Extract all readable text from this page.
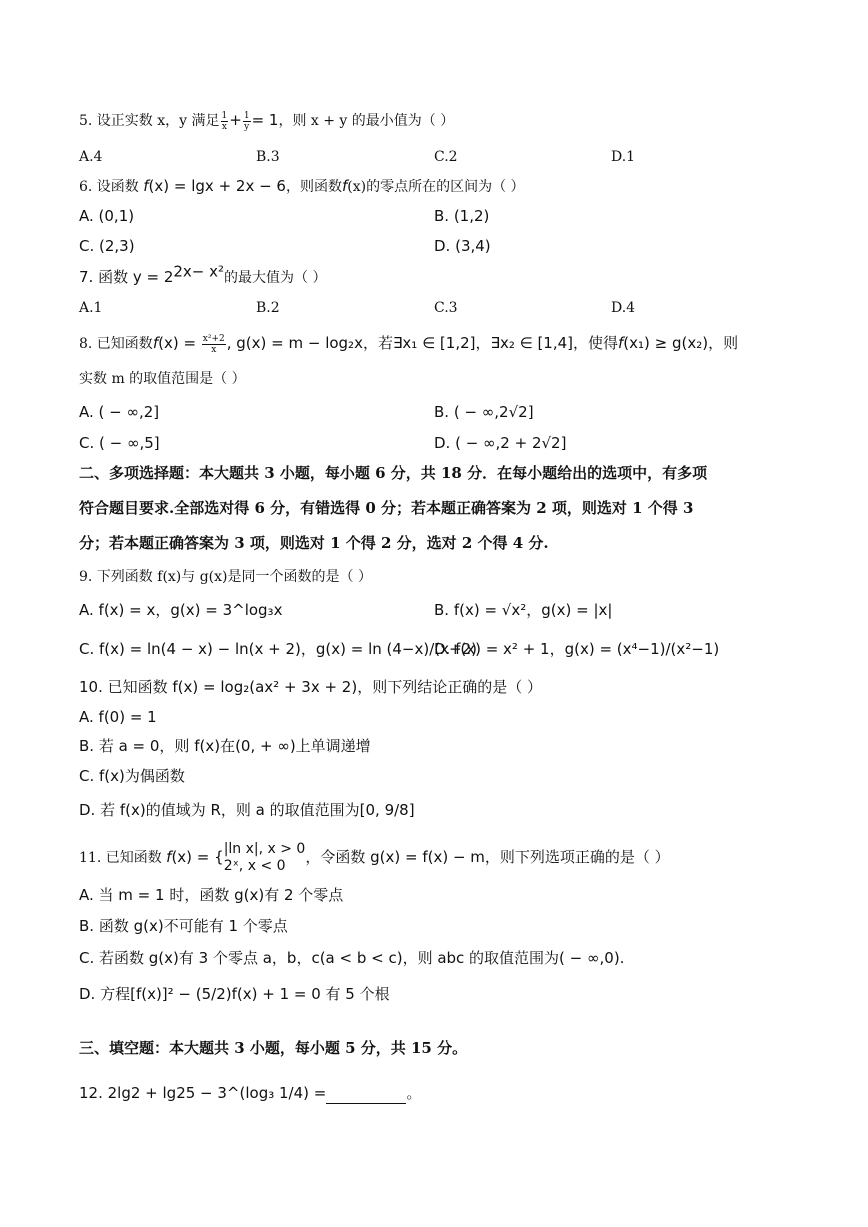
5. 设正实数 x，y 满足 $\frac{1}{x} + \frac{1}{y} = 1$，则 x + y 的最小值为（ ）
A.4	B.3	C.2	D.1
6. 设函数 f(x) = lgx + 2x − 6，则函数f(x)的零点所在的区间为（ ）
A. (0,1)	B. (1,2)
C. (2,3)	D. (3,4)
7. 函数 $y = 2^{2x- x^2}$的最大值为（ ）
A.1	B.2	C.3	D.4
8. 已知函数$f(x) = \frac{\text{x²+2}}{x}$ , g(x) = m − log₂x，若∃x₁ ∈ [1,2]，∃x₂ ∈ [1,4]，使得f(x₁) ≥ g(x₂)，则
实数 m 的取值范围是（ ）
A. ( − ∞,2]	B. ( − ∞,2√2]
C. ( − ∞,5]	D. ( − ∞,2 + 2√2]
二、多项选择题：本大题共 3 小题，每小题 6 分，共 18 分．在每小题给出的选项中，有多项
符合题目要求.全部选对得 6 分，有错选得 0 分；若本题正确答案为 2 项，则选对 1 个得 3
分；若本题正确答案为 3 项，则选对 1 个得 2 分，选对 2 个得 4 分.
9. 下列函数 f(x)与 g(x)是同一个函数的是（ ）
A. f(x) = x，g(x) = 3^log₃x	B. f(x) = √x²，g(x) = |x|
C. f(x) = ln(4 − x) − ln(x + 2)，g(x) = ln (4−x)/(x+2)
D. f(x) = x² + 1，g(x) = (x⁴−1)/(x²−1)
10. 已知函数 f(x) = log₂(ax² + 3x + 2)，则下列结论正确的是（ ）
A. f(0) = 1
B. 若 a = 0，则 f(x)在(0, + ∞)上单调递增
C. f(x)为偶函数
D. 若 f(x)的值域为 R，则 a 的取值范围为[0, 9/8]
11. 已知函数 f(x) = { |ln x|, x > 0
2ˣ, x < 0	，令函数 g(x) = f(x) − m，则下列选项正确的是（ ）
A. 当 m = 1 时，函数 g(x)有 2 个零点
B. 函数 g(x)不可能有 1 个零点
C. 若函数 g(x)有 3 个零点 a，b，c(a < b < c)，则 abc 的取值范围为( − ∞,0).
D. 方程[f(x)]² − (5/2)f(x) + 1 = 0 有 5 个根
三、填空题：本大题共 3 小题，每小题 5 分，共 15 分。
12. 2lg2 + lg25 − 3^(log₃ 1/4) =	。
